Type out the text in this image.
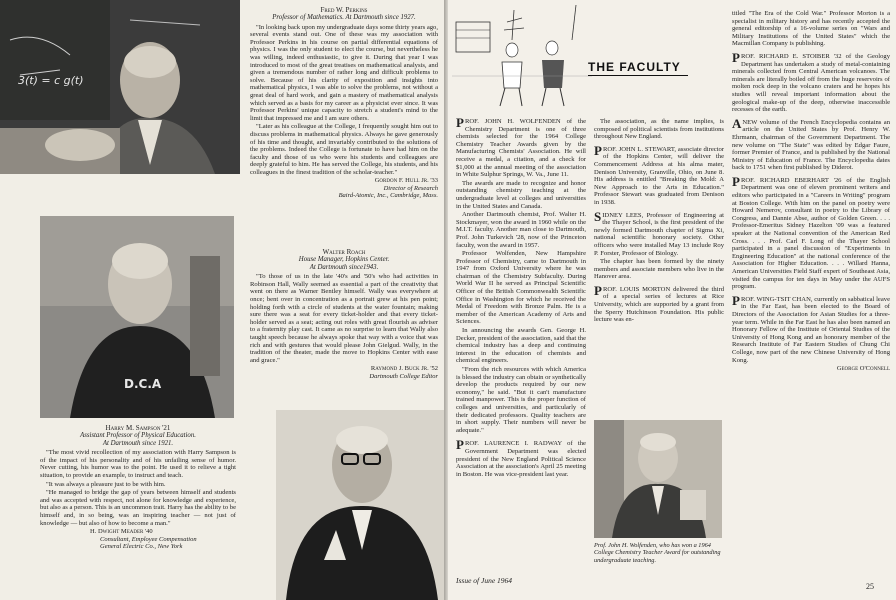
3(t) = c g(t)
Fred W. Perkins
Professor of Mathematics. At Dartmouth since 1927.

"In looking back upon my undergraduate days some thirty years ago, several events stand out. One of these was my association with Professor Perkins in his course on partial differential equations of physics. I was the only student to elect the course, but nevertheless he was willing, indeed enthusiastic, to give it. During that year I was introduced to most of the great treatises on mathematical analysis, and given a tremendous number of rather long and difficult problems to solve. Because of his clarity of exposition and insights into mathematical physics, I was able to solve the problems, not without a great deal of hard work, and gain a mastery of mathematical analysis which served as a basis for my career as a physicist ever since. It was Professor Perkins' unique capacity to stretch a student's mind to the limit that impressed me and I am sure others.

"Later as his colleague at the College, I frequently sought him out to discuss problems in mathematical physics. Always he gave generously of his time and thought, and invariably contributed to the solutions of the problems. Indeed the College is fortunate to have had him on the faculty and those of us who were his students and colleagues are deeply grateful to him. He has served the College, his students, and his colleagues in the finest tradition of the scholar-teacher."

Gordon F. Hull Jr. '33
Director of Research
Baird-Atomic, Inc., Cambridge, Mass.
Walter Roach
House Manager, Hopkins Center.
At Dartmouth since1943.

"To those of us in the late '40's and '50's who had activities in Robinson Hall, Wally seemed as essential a part of the creativity that went on there as Warner Bentley himself. Wally was everywhere at once; bent over in concentration as a portrait grew at his pen point; holding forth with a circle of students at the water fountain; making sure there was a seat for every ticket-holder and that every ticket-holder served as a seat; acting out roles with great flourish as adviser to a fraternity play cast. It came as no surprise to learn that Wally also taught speech because he always spoke that way with a voice that was rich and with gestures that would please John Gielgud. Wally, in the tradition of the theater, made the move to Hopkins Center with ease and grace."

Raymond J. Buck Jr. '52
Dartmouth College Editor
D.C.A
Harry M. Sampson '21
Assistant Professor of Physical Education.
At Dartmouth since 1921.

"The most vivid recollection of my association with Harry Sampson is of the impact of his personality and of his unfailing sense of humor. Never cutting, his humor was to the point. He used it to relieve a tight situation, to provide an example, to instruct and teach.

"It was always a pleasure just to be with him.

"He managed to bridge the gap of years between himself and students and was accepted with respect, not alone for knowledge and experience, but also as a person. This is an uncommon trait. Harry has the ability to be himself and, in so being, was an inspiring teacher — not just of knowledge — but also of how to become a man."

H. Dwight Meader '40
Consultant, Employee Compensation
General Electric Co., New York
THE FACULTY

PROF. JOHN H. WOLFENDEN of the Chemistry Department is one of three chemists selected for the 1964 College Chemistry Teacher Awards given by the Manufacturing Chemists' Association. He will receive a medal, a citation, and a check for $1,000 at the annual meeting of the association in White Sulphur Springs, W. Va., June 11.

The awards are made to recognize and honor outstanding chemistry teaching at the undergraduate level at colleges and universities in the United States and Canada.

Another Dartmouth chemist, Prof. Walter H. Stockmayer, won the award in 1960 while on the M.I.T. faculty. Another man close to Dartmouth, Prof. John Turkevich '28, now of the Princeton faculty, won the award in 1957.

Professor Wolfenden, New Hampshire Professor of Chemistry, came to Dartmouth in 1947 from Oxford University where he was chairman of the Chemistry Subfaculty. During World War II he served as Principal Scientific Officer of the British Commonwealth Scientific Office in Washington for which he received the Medal of Freedom with Bronze Palm. He is a member of the American Academy of Arts and Sciences.

In announcing the awards Gen. George H. Decker, president of the association, said that the chemical industry has a deep and continuing interest in the education of chemists and chemical engineers.

"From the rich resources with which America is blessed the industry can obtain or synthetically develop the products required by our new economy," he said. "But it can't manufacture trained manpower. This is the proper function of colleges and universities, and particularly of their dedicated professors. Quality teachers are in short supply. Their numbers will never be adequate."

PROF. LAURENCE I. RADWAY of the Government Department was elected president of the New England Political Science Association at the association's April 25 meeting in Boston. He was vice-president last year.

Issue of June 1964

The association, as the name implies, is composed of political scientists from institutions throughout New England.

PROF. JOHN L. STEWART, associate director of the Hopkins Center, will deliver the Commencement Address at his alma mater, Denison University, Granville, Ohio, on June 8. His address is entitled "Breaking the Mold: A New Approach to the Arts in Education." Professor Stewart was graduated from Denison in 1938.

SIDNEY LEES, Professor of Engineering at the Thayer School, is the first president of the newly formed Dartmouth chapter of Sigma Xi, national scientific honorary society. Other officers who were installed May 13 include Roy P. Forster, Professor of Biology.

The chapter has been formed by the ninety members and associate members who live in the Hanover area.

PROF. LOUIS MORTON delivered the third of a special series of lectures at Rice University, which are supported by a grant from the Sperry Hutchinson Foundation. His public lecture was en-

Prof. John H. Wolfenden, who has won a 1964 College Chemistry Teacher Award for outstanding undergraduate teaching.

titled "The Era of the Cold War." Professor Morton is a specialist in military history and has recently accepted the general editorship of a 16-volume series on "Wars and Military Institutions of the United States" which the Macmillan Company is publishing.

PROF. RICHARD E. STOIBER '32 of the Geology Department has undertaken a study of metal-containing minerals collected from Central American volcanoes. The minerals are literally boiled off from the huge reservoirs of molten rock deep in the volcano craters and he hopes his studies will reveal important information about the geological make-up of the deep, otherwise inaccessible recesses of the earth.

ANEW volume of the French Encyclopedia contains an article on the United States by Prof. Henry W. Ehrmann, chairman of the Government Department. The new volume on "The State" was edited by Edgar Faure, former Premier of France, and is published by the National Ministry of Education of France. The Encyclopedia dates back to 1751 when first published by Diderot.

PROF. RICHARD EBERHART '26 of the English Department was one of eleven prominent writers and editors who participated in a "Careers in Writing" program at Boston College. With him on the panel on poetry were Howard Nemerov, consultant in poetry to the Library of Congress, and Dannie Abse, author of Golden Green. . . . Professor-Emeritus Sidney Hazelton '09 was a featured speaker at the National convention of the American Red Cross. . . . Prof. Carl F. Long of the Thayer School participated in a panel discussion of "Experiments in Engineering Education" at the national conference of the Association for Higher Education. . . . Willard Hanna, American Universities Field Staff expert of Southeast Asia, visited the campus for ten days in May under the AUFS program.

PROF. WING-TSIT CHAN, currently on sabbatical leave in the Far East, has been elected to the Board of Directors of the Association for Asian Studies for a three-year term. While in the Far East he has also been named an Honorary Fellow of the Institute of Oriental Studies of the University of Hong Kong and an honorary member of the Research Institute of Far Eastern Studies of Chung Chi College, now part of the new Chinese University of Hong Kong.

George O'Connell
25
